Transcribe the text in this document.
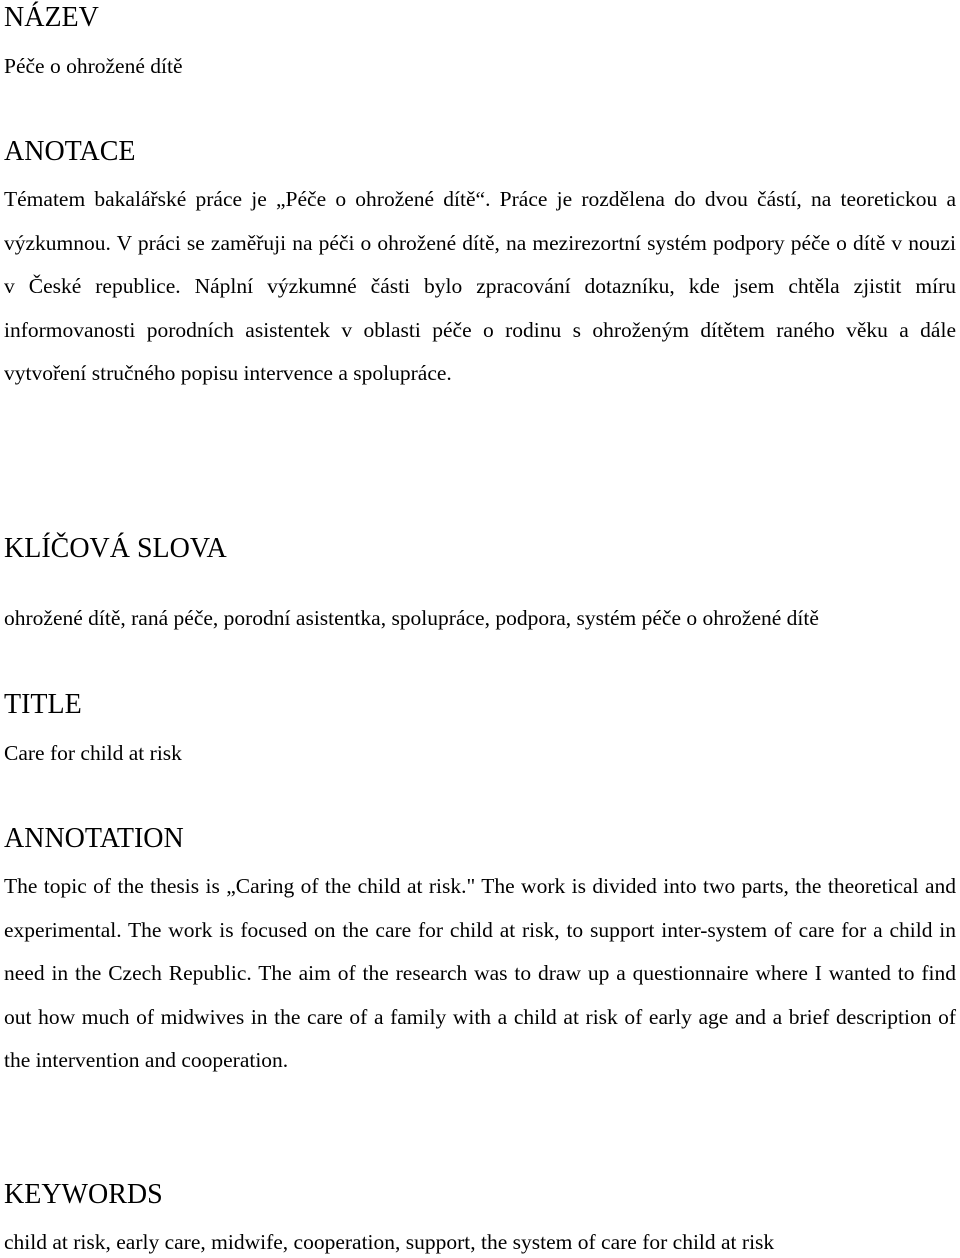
NÁZEV

Péče o ohrožené dítě

ANOTACE

Tématem bakalářské práce je „Péče o ohrožené dítě“. Práce je rozdělena do dvou částí, na teoretickou a výzkumnou. V práci se zaměřuji na péči o ohrožené dítě, na mezirezortní systém podpory péče o dítě v nouzi v České republice. Náplní výzkumné části bylo zpracování dotazníku, kde jsem chtěla zjistit míru informovanosti porodních asistentek v oblasti péče o rodinu s ohroženým dítětem raného věku a dále vytvoření stručného popisu intervence a spolupráce.

KLÍČOVÁ SLOVA

ohrožené dítě, raná péče, porodní asistentka, spolupráce, podpora, systém péče o ohrožené dítě

TITLE

Care for child at risk

ANNOTATION

The topic of the thesis is „Caring of the child at risk." The work is divided into two parts, the theoretical and experimental. The work is focused on the care for child at risk, to support inter-system of care for a child in need in the Czech Republic. The aim of the research was to draw up a questionnaire where I wanted to find out how much of midwives in the care of a family with a child at risk of early age and a brief description of the intervention and cooperation.

KEYWORDS

child at risk, early care, midwife, cooperation, support, the system of care for child at risk
